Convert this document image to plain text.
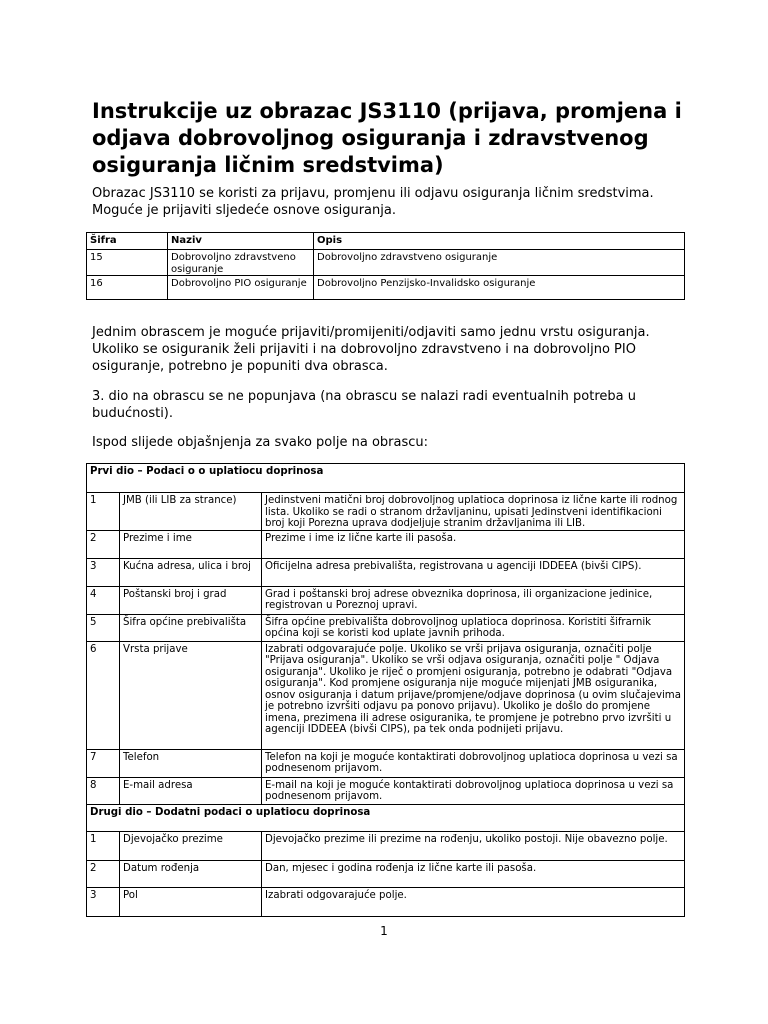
Instrukcije uz obrazac JS3110 (prijava, promjena i odjava dobrovoljnog osiguranja i zdravstvenog osiguranja ličnim sredstvima)
Obrazac JS3110 se koristi za prijavu, promjenu ili odjavu osiguranja ličnim sredstvima. Moguće je prijaviti sljedeće osnove osiguranja.
Šifra	Naziv	Opis
15	Dobrovoljno zdravstveno osiguranje	Dobrovoljno zdravstveno osiguranje
16	Dobrovoljno PIO osiguranje	Dobrovoljno Penzijsko-Invalidsko osiguranje
Jednim obrascem je moguće prijaviti/promijeniti/odjaviti samo jednu vrstu osiguranja. Ukoliko se osiguranik želi prijaviti i na dobrovoljno zdravstveno i na dobrovoljno PIO osiguranje, potrebno je popuniti dva obrasca.
3. dio na obrascu se ne popunjava (na obrascu se nalazi radi eventualnih potreba u budućnosti).
Ispod slijede objašnjenja za svako polje na obrascu:
Prvi dio – Podaci o o uplatiocu doprinosa		
1	JMB (ili LIB za strance)	Jedinstveni matični broj dobrovoljnog uplatioca doprinosa iz lične karte ili rodnog lista. Ukoliko se radi o stranom državljaninu, upisati Jedinstveni identifikacioni broj koji Porezna uprava dodjeljuje stranim državljanima ili LIB.
2	Prezime i ime	Prezime i ime iz lične karte ili pasoša.
3	Kućna adresa, ulica i broj	Oficijelna adresa prebivališta, registrovana u agenciji IDDEEA (bivši CIPS).
4	Poštanski broj i grad	Grad i poštanski broj adrese obveznika doprinosa, ili organizacione jedinice, registrovan u Poreznoj upravi.
5	Šifra općine prebivališta	Šifra općine prebivališta dobrovoljnog uplatioca doprinosa. Koristiti šifrarnik općina koji se koristi kod uplate javnih prihoda.
6	Vrsta prijave	Izabrati odgovarajuće polje. Ukoliko se vrši prijava osiguranja, označiti polje "Prijava osiguranja". Ukoliko se vrši odjava osiguranja, označiti polje " Odjava osiguranja". Ukoliko je riječ o promjeni osiguranja, potrebno je odabrati "Odjava osiguranja". Kod promjene osiguranja nije moguće mijenjati JMB osiguranika, osnov osiguranja i datum prijave/promjene/odjave doprinosa (u ovim slučajevima je potrebno izvršiti odjavu pa ponovo prijavu). Ukoliko je došlo do promjene imena, prezimena ili adrese osiguranika, te promjene je potrebno prvo izvršiti u agenciji IDDEEA (bivši CIPS), pa tek onda podnijeti prijavu.
7	Telefon	Telefon na koji je moguće kontaktirati dobrovoljnog uplatioca doprinosa u vezi sa podnesenom prijavom.
8	E-mail adresa	E-mail na koji je moguće kontaktirati dobrovoljnog uplatioca doprinosa u vezi sa podnesenom prijavom.
Drugi dio – Dodatni podaci o uplatiocu doprinosa		
1	Djevojačko prezime	Djevojačko prezime ili prezime na rođenju, ukoliko postoji. Nije obavezno polje.
2	Datum rođenja	Dan, mjesec i godina rođenja iz lične karte ili pasoša.
3	Pol	Izabrati odgovarajuće polje.
1
